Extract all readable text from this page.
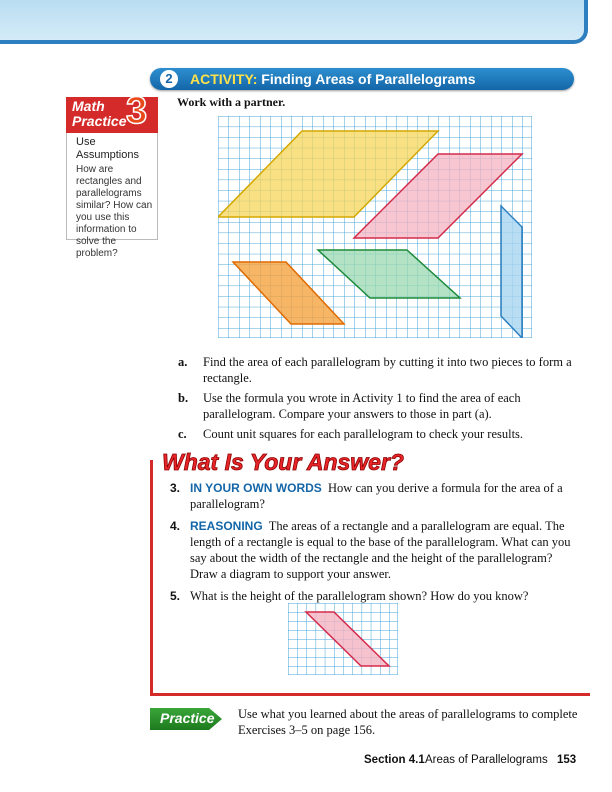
2	ACTIVITY: Finding Areas of Parallelograms
Math
Practice 3
Use
Assumptions
How are rectangles and parallelograms similar? How can you use this information to solve the problem?
Work with a partner.
a.	Find the area of each parallelogram by cutting it into two pieces to form a rectangle.
b.	Use the formula you wrote in Activity 1 to find the area of each parallelogram. Compare your answers to those in part (a).
c.	Count unit squares for each parallelogram to check your results.
What Is Your Answer?
3. IN YOUR OWN WORDS How can you derive a formula for the area of a parallelogram?
4. REASONING The areas of a rectangle and a parallelogram are equal. The length of a rectangle is equal to the base of the parallelogram. What can you say about the width of the rectangle and the height of the parallelogram? Draw a diagram to support your answer.
5. What is the height of the parallelogram shown? How do you know?
Practice Use what you learned about the areas of parallelograms to complete Exercises 3–5 on page 156.
Section 4.1 Areas of Parallelograms 153
